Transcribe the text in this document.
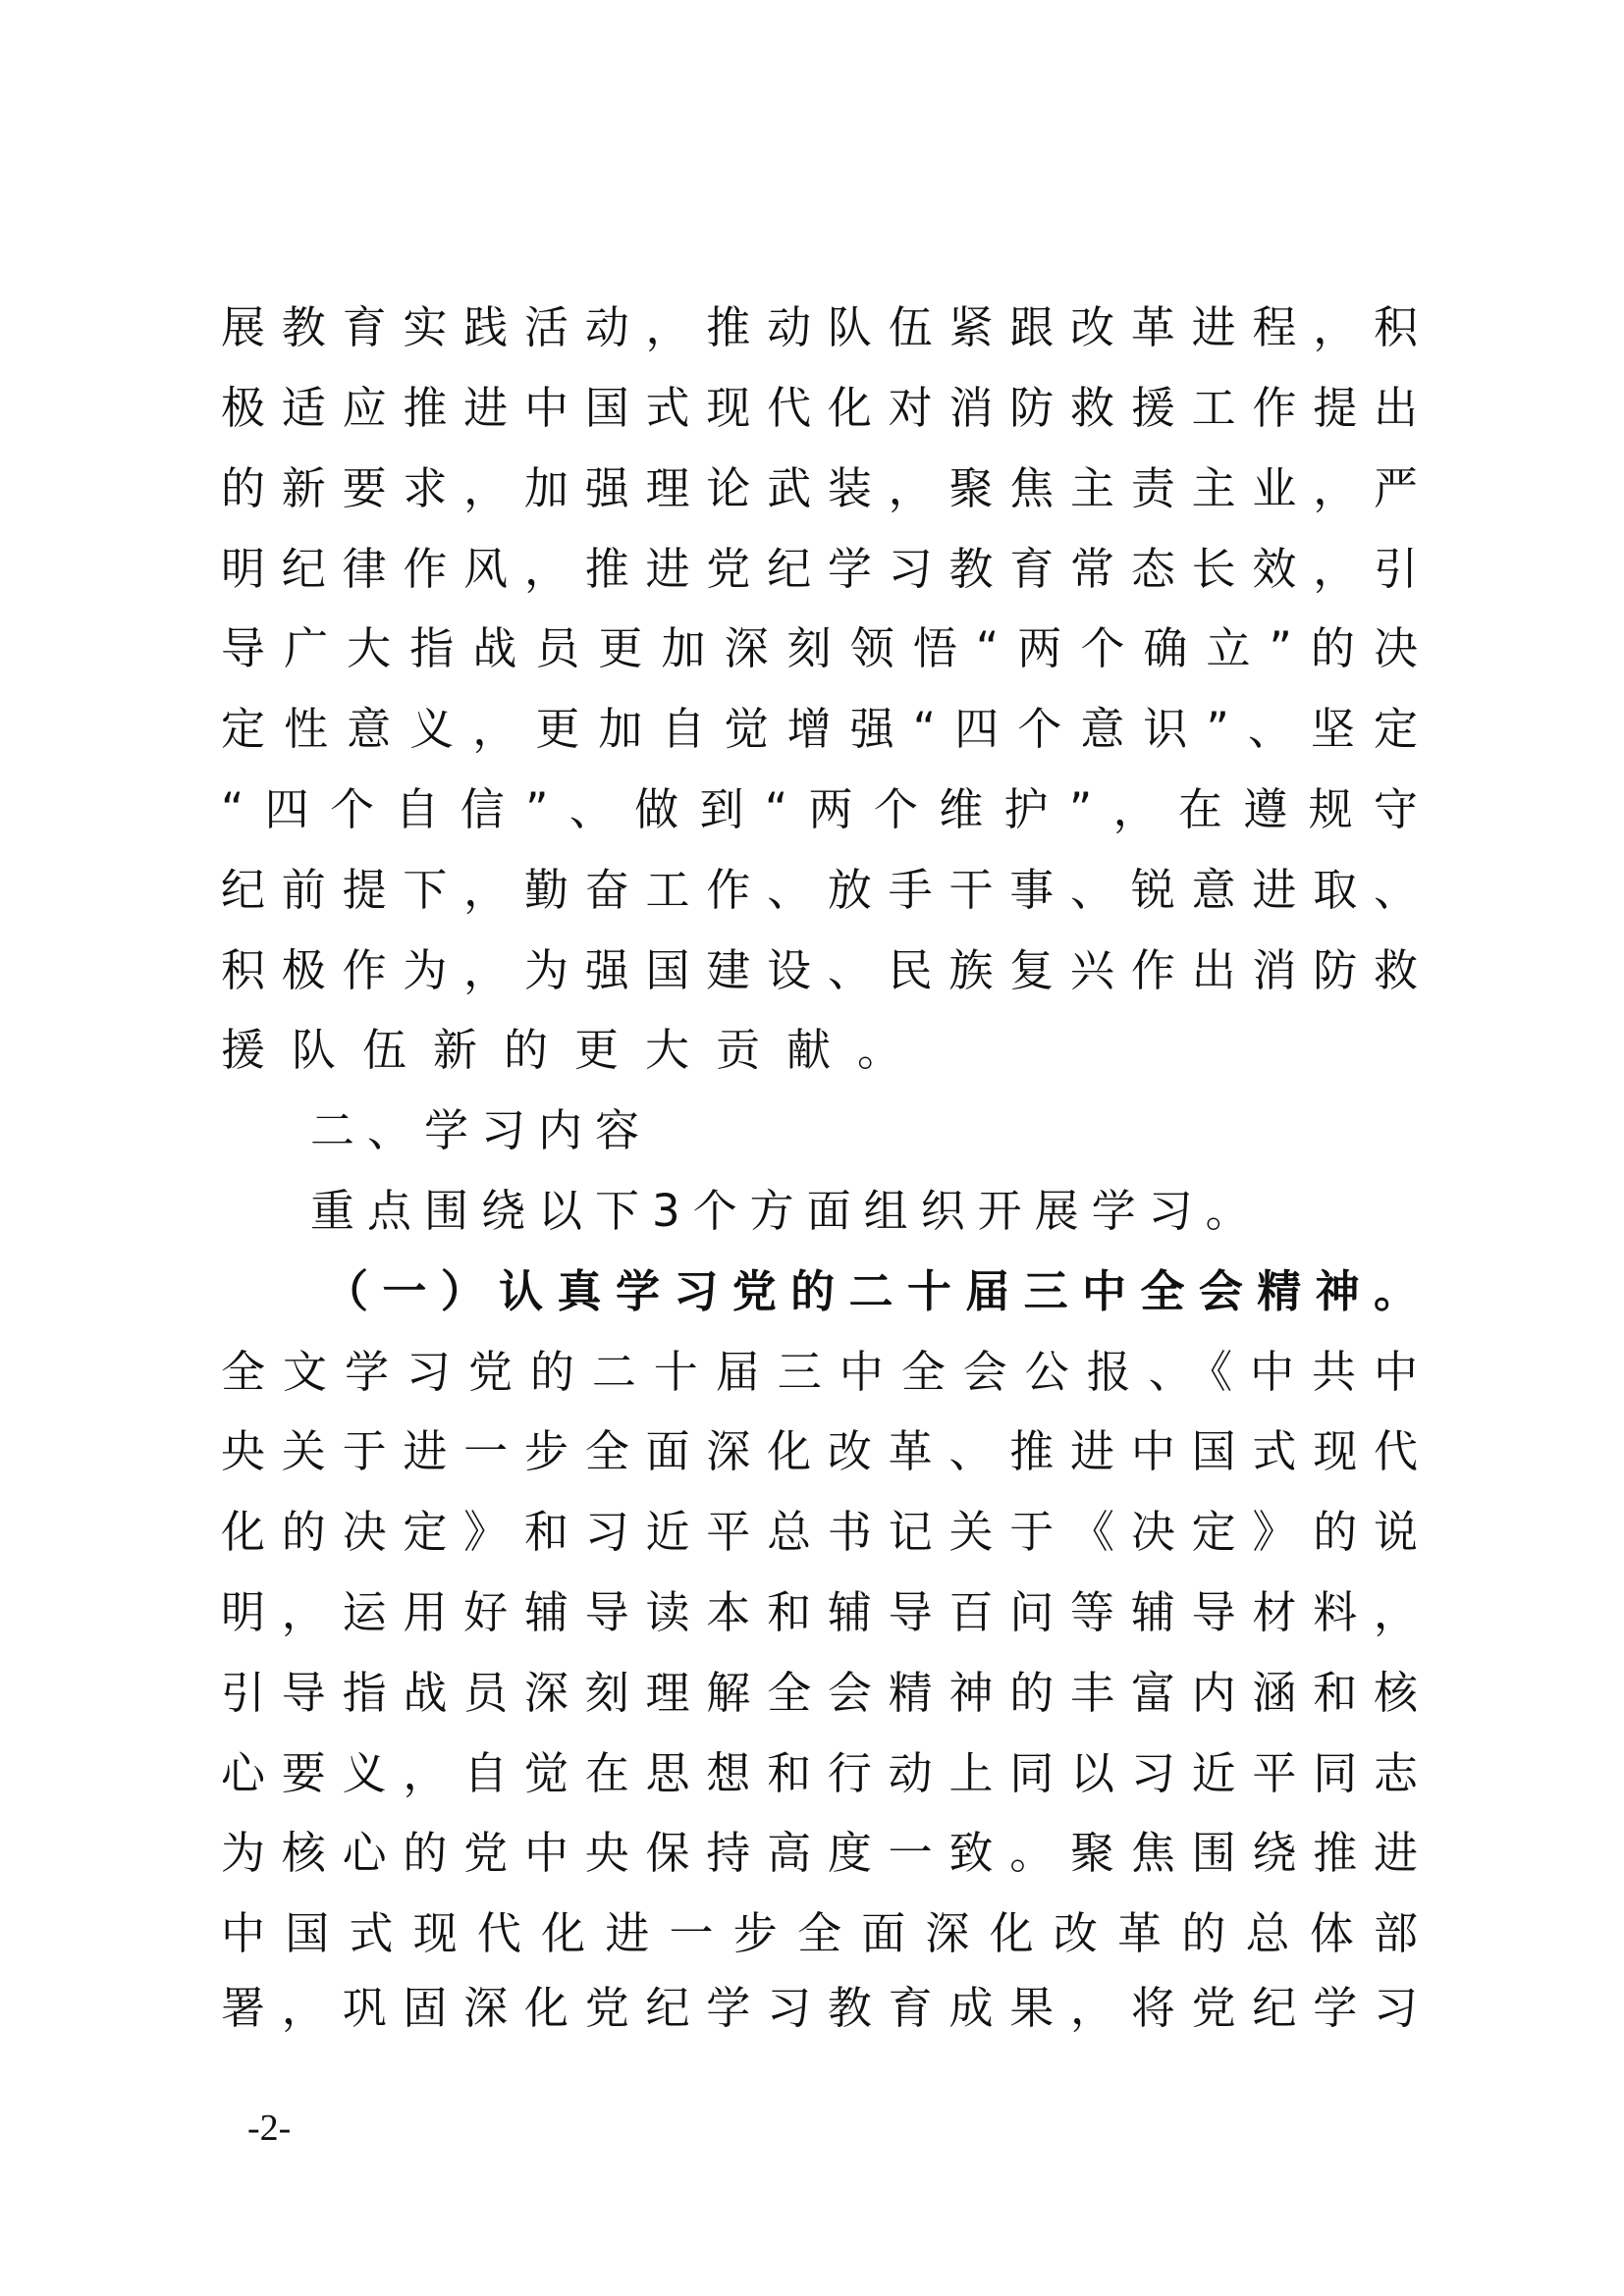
展教育实践活动，推动队伍紧跟改革进程，积
极适应推进中国式现代化对消防救援工作提出
的新要求，加强理论武装，聚焦主责主业，严
明纪律作风，推进党纪学习教育常态长效，引
导广大指战员更加深刻领悟“两个确立”的决
定性意义，更加自觉增强“四个意识”、坚定
“四个自信”、做到“两个维护”，在遵规守
纪前提下，勤奋工作、放手干事、锐意进取、
积极作为，为强国建设、民族复兴作出消防救
援队伍新的更大贡献。
二、学习内容
重点围绕以下3个方面组织开展学习。
（一）认真学习党的二十届三中全会精神。
全文学习党的二十届三中全会公报、《中共中
央关于进一步全面深化改革、推进中国式现代
化的决定》和习近平总书记关于《决定》的说
明，运用好辅导读本和辅导百问等辅导材料，
引导指战员深刻理解全会精神的丰富内涵和核
心要义，自觉在思想和行动上同以习近平同志
为核心的党中央保持高度一致。聚焦围绕推进
中国式现代化进一步全面深化改革的总体部
署，巩固深化党纪学习教育成果，将党纪学习
-2-
